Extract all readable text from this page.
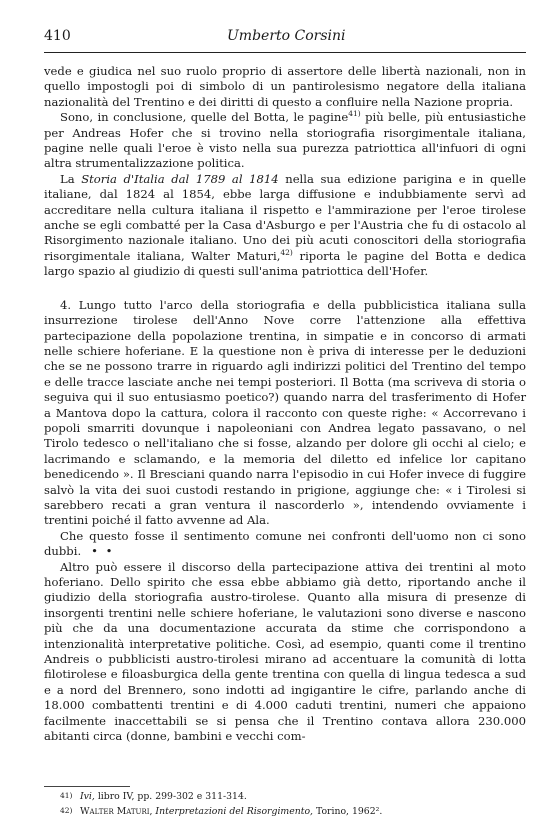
410	Umberto Corsini

vede e giudica nel suo ruolo proprio di assertore delle libertà nazionali, non in quello impostogli poi di simbolo di un pantirolesismo negatore della italiana nazionalità del Trentino e dei diritti di questo a confluire nella Nazione propria.

Sono, in conclusione, quelle del Botta, le pagine$^{41)}$ più belle, più entusiastiche per Andreas Hofer che si trovino nella storiografia risorgimentale italiana, pagine nelle quali l'eroe è visto nella sua purezza patriottica all'infuori di ogni altra strumentalizzazione politica.

La Storia d'Italia dal 1789 al 1814 nella sua edizione parigina e in quelle italiane, dal 1824 al 1854, ebbe larga diffusione e indubbiamente servì ad accreditare nella cultura italiana il rispetto e l'ammirazione per l'eroe tirolese anche se egli combatté per la Casa d'Asburgo e per l'Austria che fu di ostacolo al Risorgimento nazionale italiano. Uno dei più acuti conoscitori della storiografia risorgimentale italiana, Walter Maturi,$^{42)}$ riporta le pagine del Botta e dedica largo spazio al giudizio di questi sull'anima patriottica dell'Hofer.

4. Lungo tutto l'arco della storiografia e della pubblicistica italiana sulla insurrezione tirolese dell'Anno Nove corre l'attenzione alla effettiva partecipazione della popolazione trentina, in simpatie e in concorso di armati nelle schiere hoferiane. E la questione non è priva di interesse per le deduzioni che se ne possono trarre in riguardo agli indirizzi politici del Trentino del tempo e delle tracce lasciate anche nei tempi posteriori. Il Botta (ma scriveva di storia o seguiva qui il suo entusiasmo poetico?) quando narra del trasferimento di Hofer a Mantova dopo la cattura, colora il racconto con queste righe: « Accorrevano i popoli smarriti dovunque i napoleoniani con Andrea legato passavano, o nel Tirolo tedesco o nell'italiano che si fosse, alzando per dolore gli occhi al cielo; e lacrimando e sclamando, e la memoria del diletto ed infelice lor capitano benedicendo ». Il Bresciani quando narra l'episodio in cui Hofer invece di fuggire salvò la vita dei suoi custodi restando in prigione, aggiunge che: « i Tirolesi si sarebbero recati a gran ventura il nascorderlo », intendendo ovviamente i trentini poiché il fatto avvenne ad Ala.

Che questo fosse il sentimento comune nei confronti dell'uomo non ci sono dubbi. • •

Altro può essere il discorso della partecipazione attiva dei trentini al moto hoferiano. Dello spirito che essa ebbe abbiamo già detto, riportando anche il giudizio della storiografia austro-tirolese. Quanto alla misura di presenze di insorgenti trentini nelle schiere hoferiane, le valutazioni sono diverse e nascono più che da una documentazione accurata da stime che corrispondono a intenzionalità interpretative politiche. Così, ad esempio, quanti come il trentino Andreis o pubblicisti austro-tirolesi mirano ad accentuare la comunità di lotta filotirolese e filoasburgica della gente trentina con quella di lingua tedesca a sud e a nord del Brennero, sono indotti ad ingigantire le cifre, parlando anche di 18.000 combattenti trentini e di 4.000 caduti trentini, numeri che appaiono facilmente inaccettabili se si pensa che il Trentino contava allora 230.000 abitanti circa (donne, bambini e vecchi com-

41) Ivi, libro IV, pp. 299-302 e 311-314.
42) Walter Maturi, Interpretazioni del Risorgimento, Torino, 1962².
